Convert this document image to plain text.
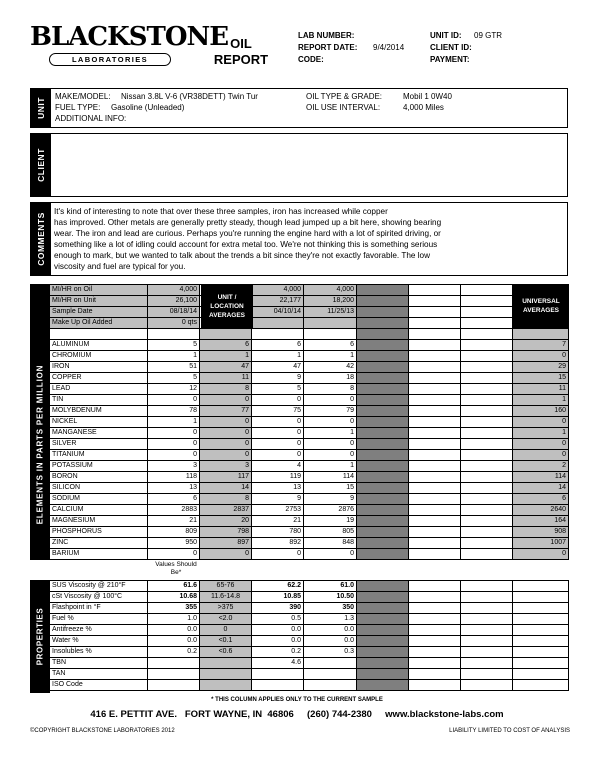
BLACKSTONE
LABORATORIES
OIL
REPORT
LAB NUMBER:
REPORT DATE:	9/4/2014
CODE:
UNIT ID:	09 GTR
CLIENT ID:
PAYMENT:
UNIT
MAKE/MODEL:	Nissan 3.8L V-6 (VR38DETT) Twin Tur
FUEL TYPE:	Gasoline (Unleaded)
ADDITIONAL INFO:
OIL TYPE & GRADE:	Mobil 1 0W40
OIL USE INTERVAL:	4,000 Miles
CLIENT
COMMENTS
It's kind of interesting to note that over these three samples, iron has increased while copper
has improved. Other metals are generally pretty steady, though lead jumped up a bit here, showing bearing
wear. The iron and lead are curious. Perhaps you're running the engine hard with a lot of spirited driving, or
something like a lot of idling could account for extra metal too. We're not thinking this is something serious
enough to mark, but we wanted to talk about the trends a bit since they're not exactly favorable. The low
viscosity and fuel are typical for you.
ELEMENTS IN PARTS PER MILLION
MI/HR on Oil	4,000		4,000	4,000				
MI/HR on Unit	26,100		22,177	18,200				
Sample Date	08/18/14		04/10/14	11/25/13				
Make Up Oil Added	0 qts							

ALUMINUM	5	6	6	6				7
CHROMIUM	1	1	1	1				0
IRON	51	47	47	42				29
COPPER	5	11	9	18				15
LEAD	12	8	5	8				11
TIN	0	0	0	0				1
MOLYBDENUM	78	77	75	79				160
NICKEL	1	0	0	0				0
MANGANESE	0	0	0	1				1
SILVER	0	0	0	0				0
TITANIUM	0	0	0	0				0
POTASSIUM	3	3	4	1				2
BORON	118	117	119	114				114
SILICON	13	14	13	15				14
SODIUM	6	8	9	9				6
CALCIUM	2883	2837	2753	2876				2640
MAGNESIUM	21	20	21	19				164
PHOSPHORUS	809	798	780	805				908
ZINC	950	897	892	848				1007
BARIUM	0	0	0	0				0
UNIT / LOCATION AVERAGES
UNIVERSAL AVERAGES
Values Should Be*
PROPERTIES
SUS Viscosity @ 210°F	61.6	65-76	62.2	61.0				
cSt Viscosity @ 100°C	10.68	11.6-14.8	10.85	10.50				
Flashpoint in °F	355	>375	390	350				
Fuel %	1.0	<2.0	0.5	1.3				
Antifreeze %	0.0	0	0.0	0.0				
Water %	0.0	<0.1	0.0	0.0				
Insolubles %	0.2	<0.6	0.2	0.3				
TBN			4.6					
TAN								
ISO Code								
* THIS COLUMN APPLIES ONLY TO THE CURRENT SAMPLE
416 E. PETTIT AVE.   FORT WAYNE, IN  46806     (260) 744-2380     www.blackstone-labs.com
©COPYRIGHT BLACKSTONE LABORATORIES 2012	LIABILITY LIMITED TO COST OF ANALYSIS
